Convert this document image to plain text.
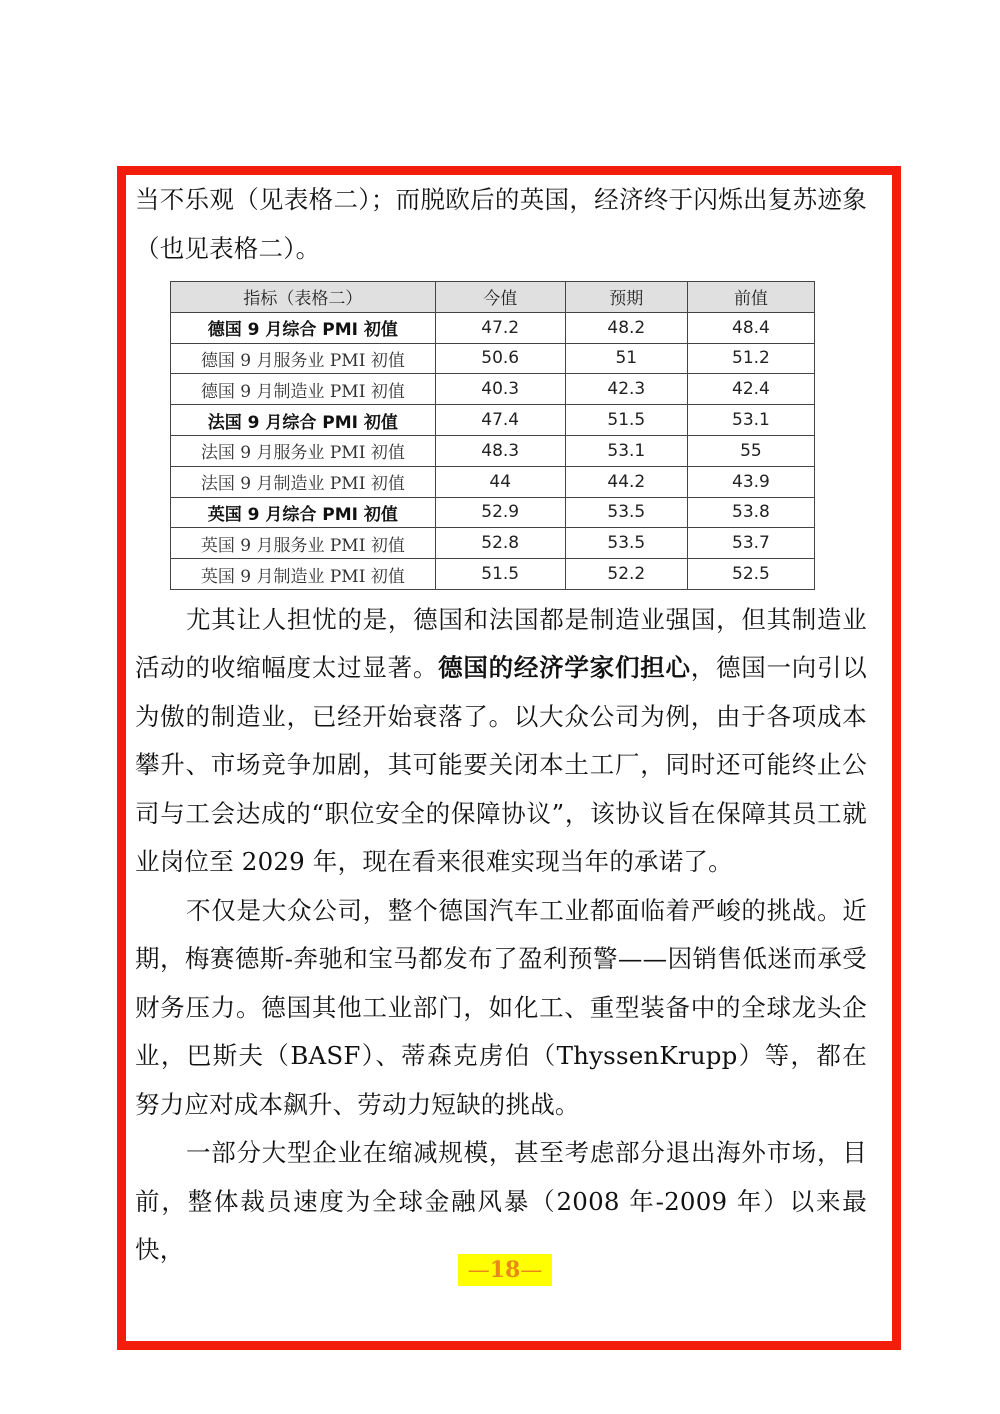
当不乐观（见表格二）；而脱欧后的英国，经济终于闪烁出复苏迹象（也见表格二）。

指标（表格二）	今值	预期	前值
德国 9 月综合 PMI 初值	47.2	48.2	48.4
德国 9 月服务业 PMI 初值	50.6	51	51.2
德国 9 月制造业 PMI 初值	40.3	42.3	42.4
法国 9 月综合 PMI 初值	47.4	51.5	53.1
法国 9 月服务业 PMI 初值	48.3	53.1	55
法国 9 月制造业 PMI 初值	44	44.2	43.9
英国 9 月综合 PMI 初值	52.9	53.5	53.8
英国 9 月服务业 PMI 初值	52.8	53.5	53.7
英国 9 月制造业 PMI 初值	51.5	52.2	52.5

尤其让人担忧的是，德国和法国都是制造业强国，但其制造业活动的收缩幅度太过显著。德国的经济学家们担心，德国一向引以为傲的制造业，已经开始衰落了。以大众公司为例，由于各项成本攀升、市场竞争加剧，其可能要关闭本土工厂，同时还可能终止公司与工会达成的“职位安全的保障协议”，该协议旨在保障其员工就业岗位至 2029 年，现在看来很难实现当年的承诺了。

不仅是大众公司，整个德国汽车工业都面临着严峻的挑战。近期，梅赛德斯-奔驰和宝马都发布了盈利预警——因销售低迷而承受财务压力。德国其他工业部门，如化工、重型装备中的全球龙头企业，巴斯夫（BASF）、蒂森克虏伯（ThyssenKrupp）等，都在努力应对成本飙升、劳动力短缺的挑战。

一部分大型企业在缩减规模，甚至考虑部分退出海外市场，目前，整体裁员速度为全球金融风暴（2008 年-2009 年）以来最快，

— 18 —
